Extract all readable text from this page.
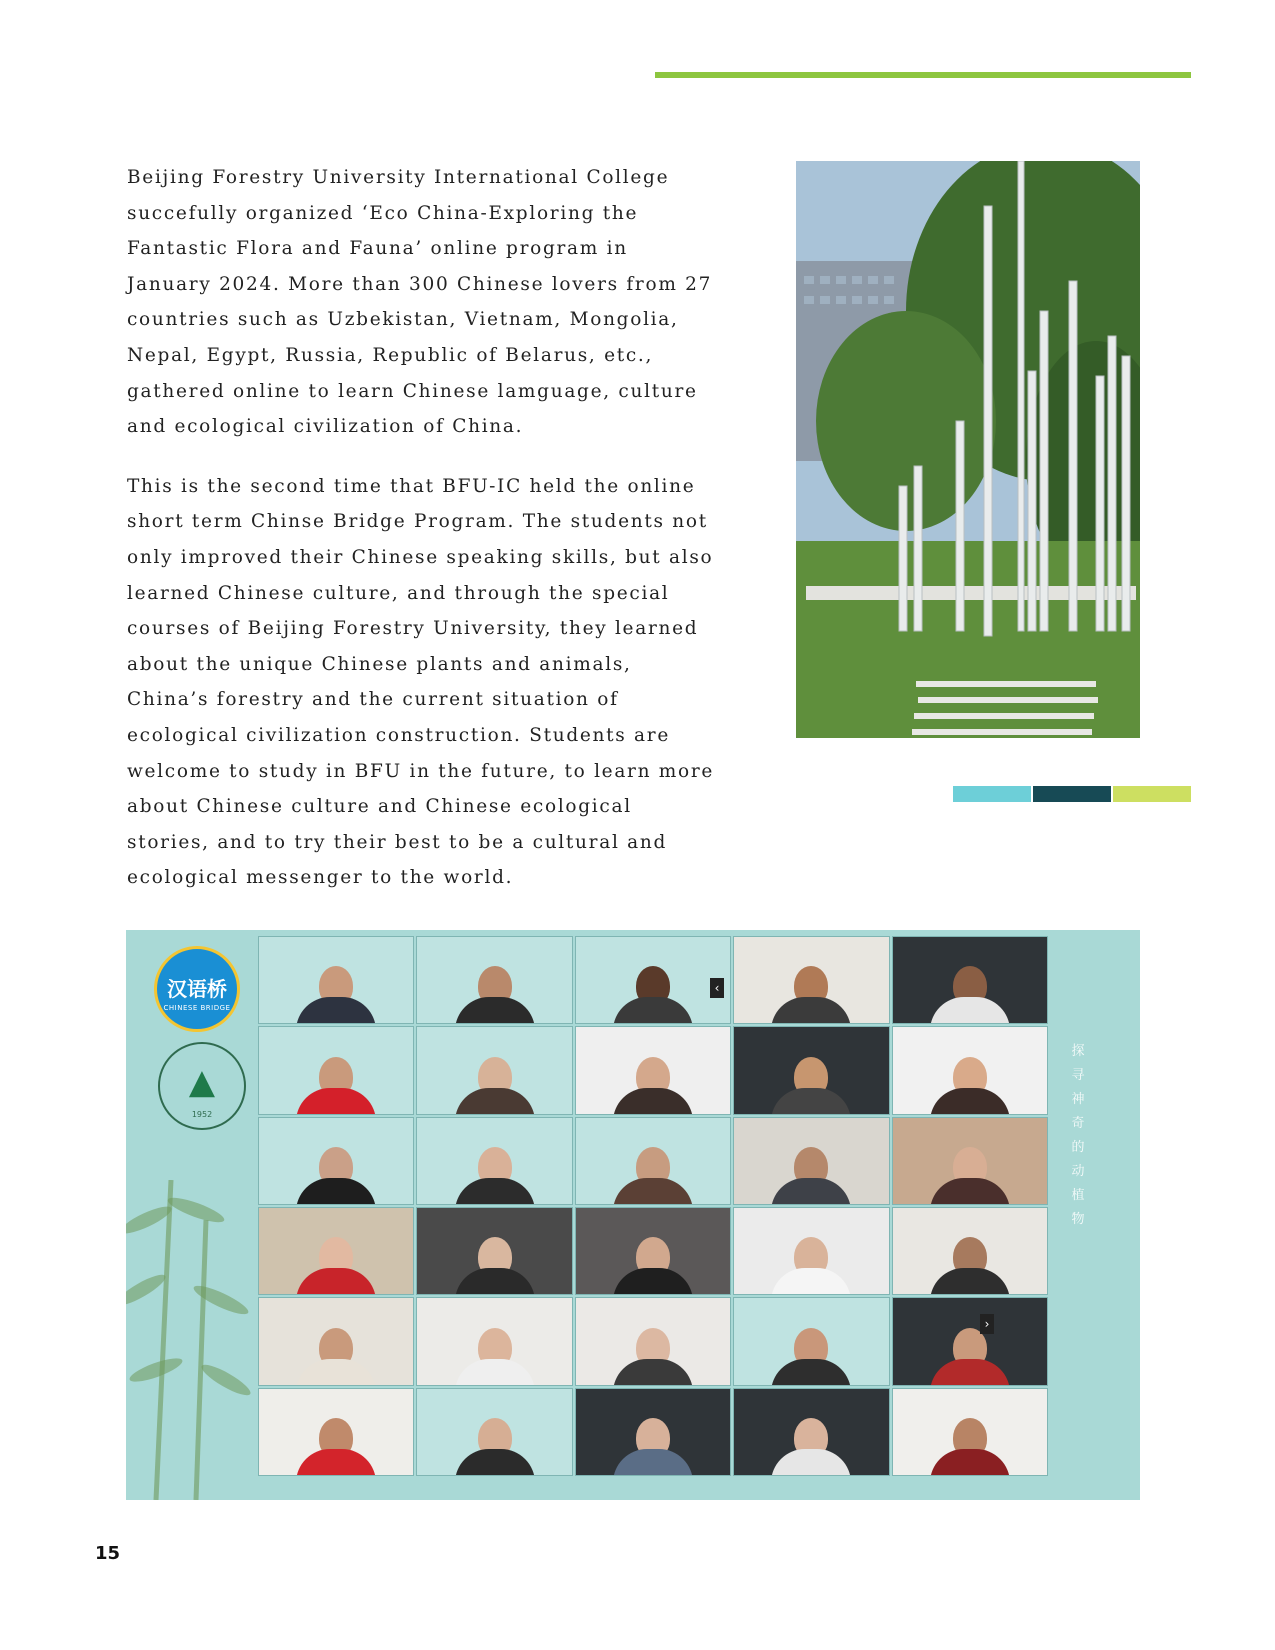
Beijing Forestry University International College succefully organized ‘Eco China-Exploring the Fantastic Flora and Fauna’ online program in January 2024. More than 300 Chinese lovers from 27 countries such as Uzbekistan, Vietnam, Mongolia, Nepal, Egypt, Russia, Republic of Belarus, etc., gathered online to learn Chinese lamguage, culture and ecological civilization of China.

This is the second time that BFU-IC held the online short term Chinse Bridge Program. The students not only improved their Chinese speaking skills, but also learned Chinese culture, and through the special courses of Beijing Forestry University, they learned about the unique Chinese plants and animals, China’s forestry and the current situation of ecological civilization construction. Students are welcome to study in BFU in the future, to learn more about Chinese culture and Chinese ecological stories, and to try their best to be a cultural and ecological messenger to the world.

汉语桥
CHINESE BRIDGE
▲
1952
‹
›
探寻神奇的动植物
15
